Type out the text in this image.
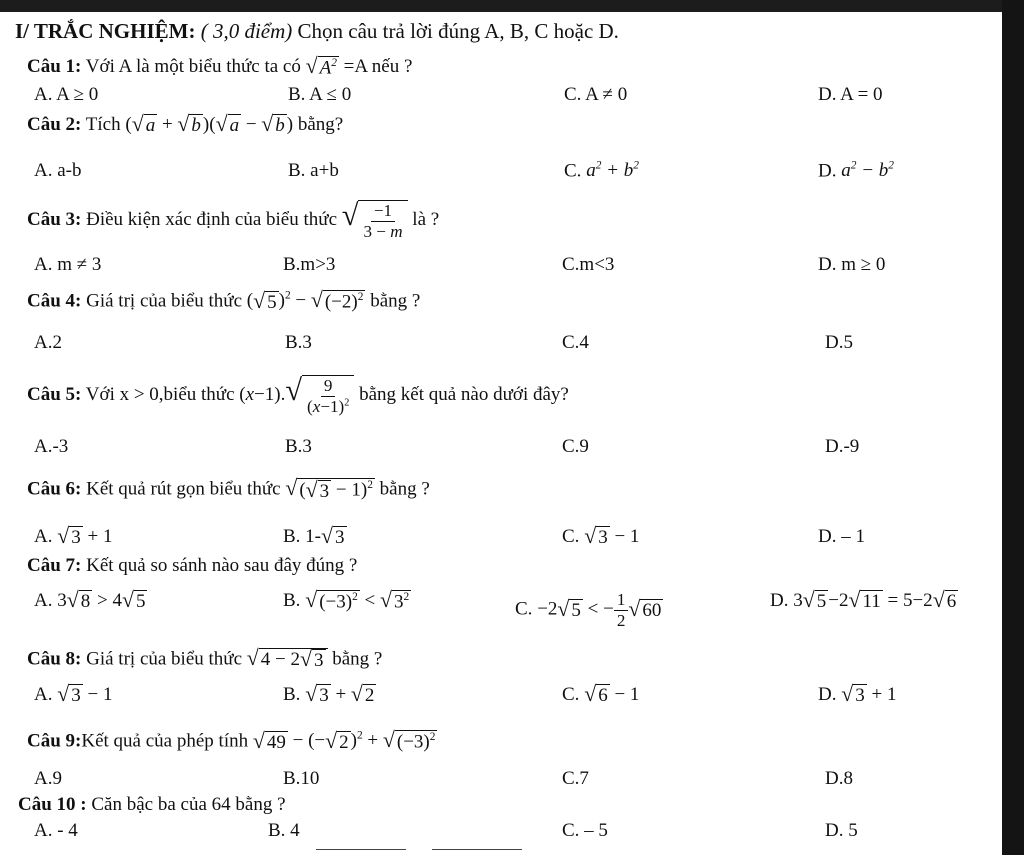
I/ TRẮC NGHIỆM: ( 3,0 điểm) Chọn câu trả lời đúng A, B, C hoặc D.
Câu 1: Với A là một biểu thức ta có √ $A^2 =A$ nếu ?
A. A ≥ 0	B. A ≤ 0	C. A ≠ 0	D. A = 0
Câu 2: Tích ( √ a + √ b )( √ a − √ b ) bằng?
A. a-b	B. a+b	C. $a^2 + b^2$	D. $a^2 - b^2$
Câu 3: Điều kiện xác định của biểu thức √ $\frac{-1}{3 - m}$ là ?
A. m ≠ 3	B.m>3	C.m<3	D. m ≥ 0
Câu 4: Giá trị của biểu thức ( √ 5 )$^2$ − √ $(-2)^2$ bằng ?
A.2	B.3	C.4	D.5
Câu 5: Với x > 0,biểu thức (x−1). √ $\frac{9}{(x-1)^2}$ bằng kết quả nào dưới đây?
A.-3	B.3	C.9	D.-9
Câu 6: Kết quả rút gọn biểu thức √ ( √ 3 − 1)$^2$ bằng ?
A. √ 3 + 1	B. 1- √ 3	C. √ 3 − 1	D. – 1
Câu 7: Kết quả so sánh nào sau đây đúng ?
A. 3 √ 8 > 4 √ 5	B. √ $(-3)^2$ < √ $3^2$
C. −2 √ 5 < − $\frac{1}{2}$ √ 60	D. 3 √ 5 −2 √ 11 = 5−2 √ 6
Câu 8: Giá trị của biểu thức √ 4 − 2 √ 3 bằng ?
A. √ 3 − 1	B. √ 3 + √ 2	C. √ 6 − 1	D. √ 3 + 1
Câu 9:Kết quả của phép tính √ 49 − (− √ 2 )$^2$ + √ $(-3)^2$
A.9	B.10	C.7	D.8
Câu 10 : Căn bậc ba của 64 bằng ?
A. - 4	B. 4	C. – 5	D. 5
